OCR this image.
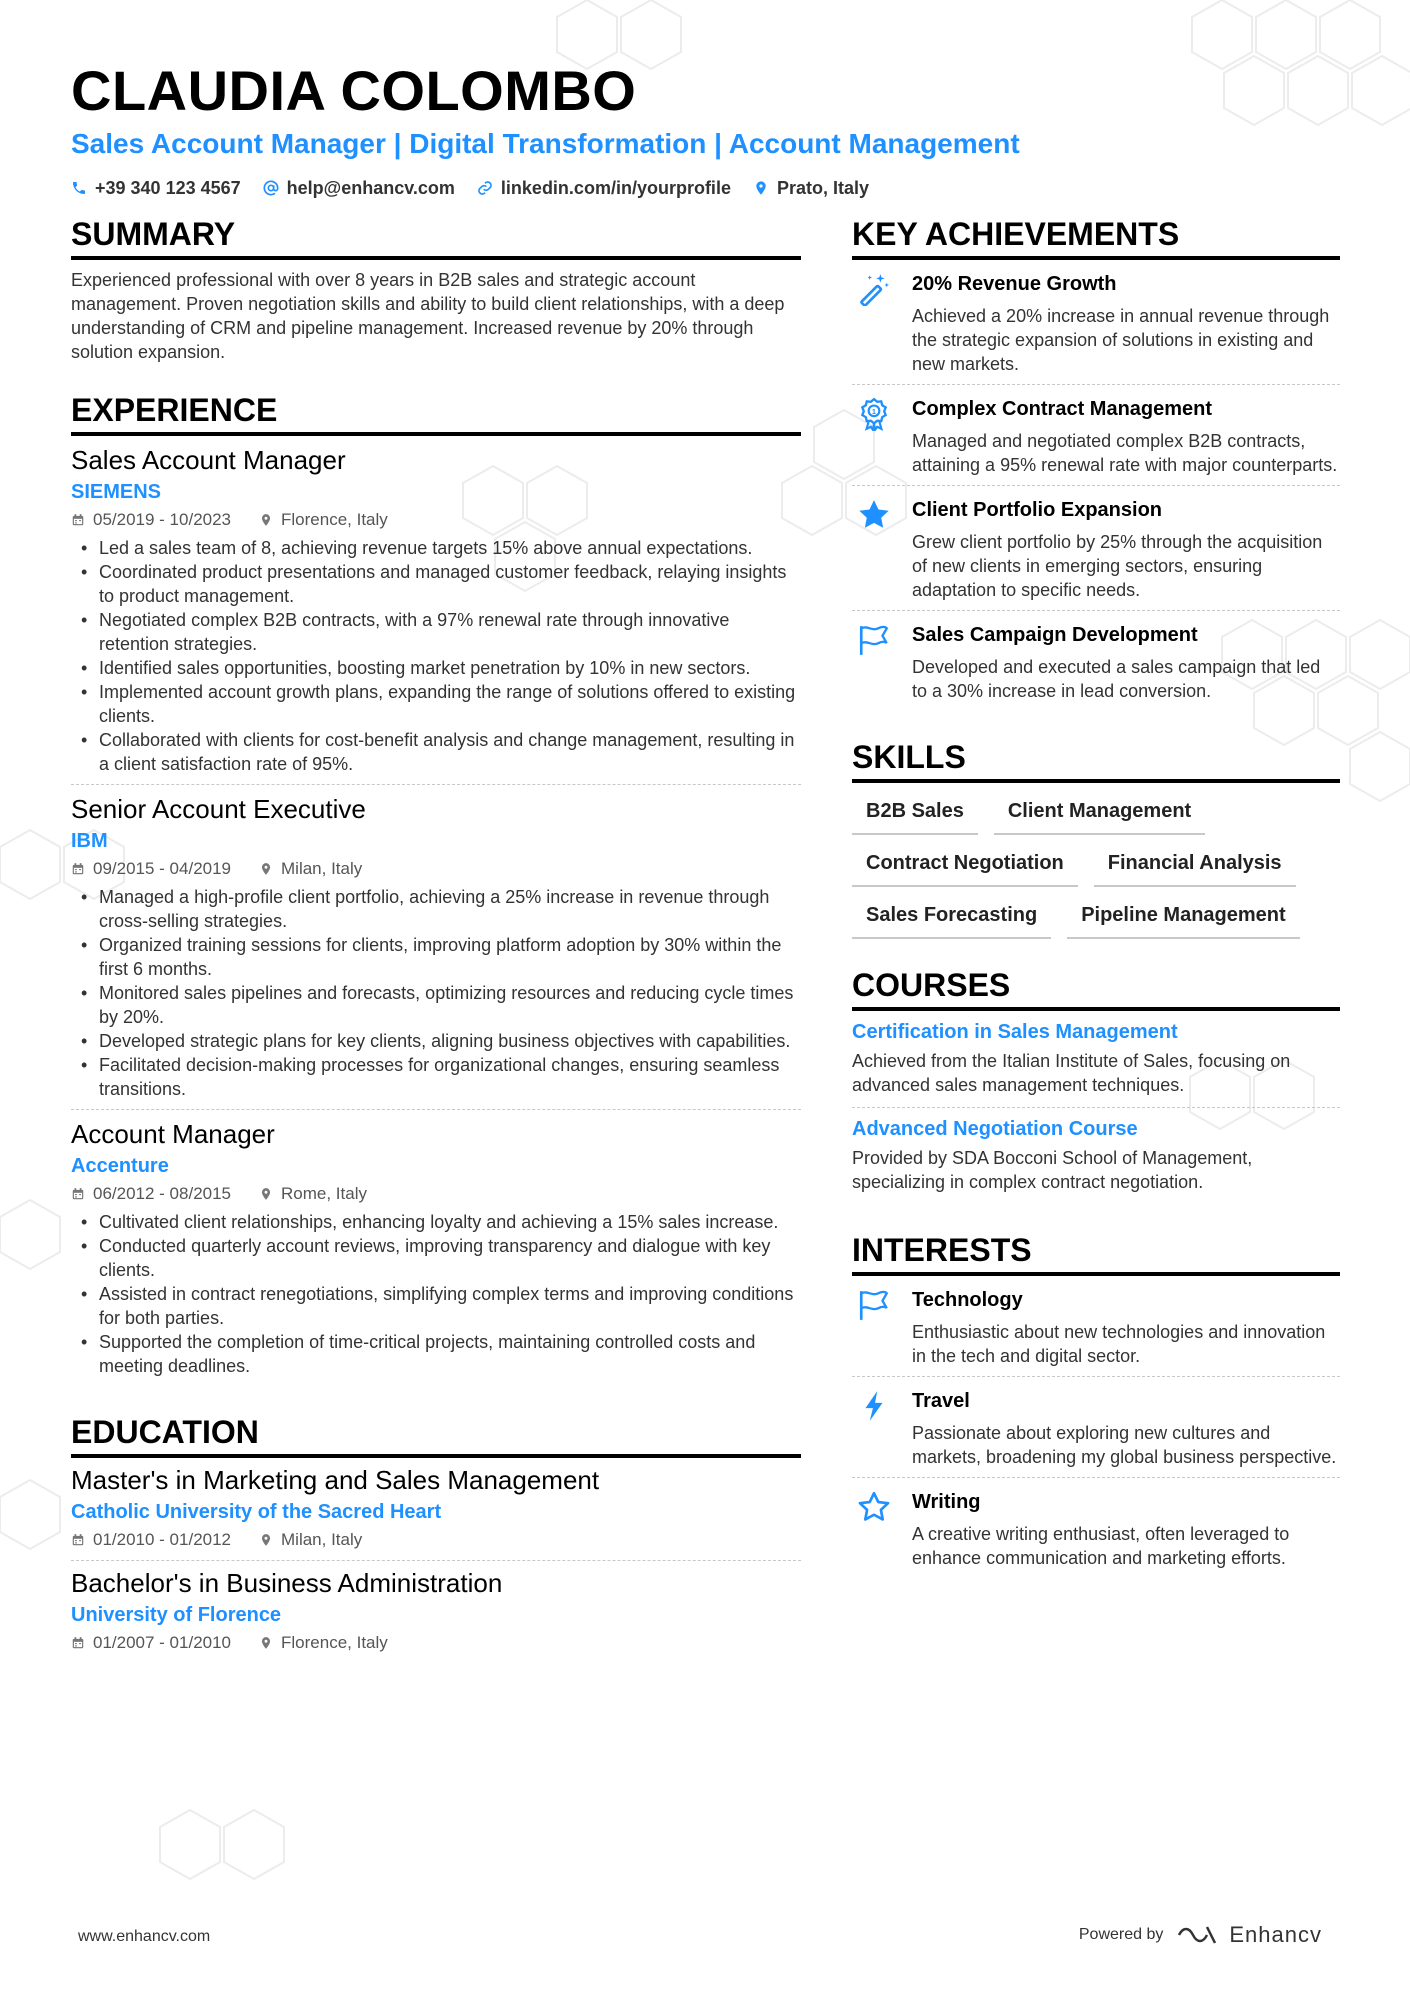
CLAUDIA COLOMBO
Sales Account Manager | Digital Transformation | Account Management
+39 340 123 4567	help@enhancv.com	linkedin.com/in/yourprofile	Prato, Italy
SUMMARY
Experienced professional with over 8 years in B2B sales and strategic account management. Proven negotiation skills and ability to build client relationships, with a deep understanding of CRM and pipeline management. Increased revenue by 20% through solution expansion.
EXPERIENCE
Sales Account Manager
SIEMENS
05/2019 - 10/2023	Florence, Italy
• Led a sales team of 8, achieving revenue targets 15% above annual expectations.
• Coordinated product presentations and managed customer feedback, relaying insights to product management.
• Negotiated complex B2B contracts, with a 97% renewal rate through innovative retention strategies.
• Identified sales opportunities, boosting market penetration by 10% in new sectors.
• Implemented account growth plans, expanding the range of solutions offered to existing clients.
• Collaborated with clients for cost-benefit analysis and change management, resulting in a client satisfaction rate of 95%.
Senior Account Executive
IBM
09/2015 - 04/2019	Milan, Italy
• Managed a high-profile client portfolio, achieving a 25% increase in revenue through cross-selling strategies.
• Organized training sessions for clients, improving platform adoption by 30% within the first 6 months.
• Monitored sales pipelines and forecasts, optimizing resources and reducing cycle times by 20%.
• Developed strategic plans for key clients, aligning business objectives with capabilities.
• Facilitated decision-making processes for organizational changes, ensuring seamless transitions.
Account Manager
Accenture
06/2012 - 08/2015	Rome, Italy
• Cultivated client relationships, enhancing loyalty and achieving a 15% sales increase.
• Conducted quarterly account reviews, improving transparency and dialogue with key clients.
• Assisted in contract renegotiations, simplifying complex terms and improving conditions for both parties.
• Supported the completion of time-critical projects, maintaining controlled costs and meeting deadlines.
EDUCATION
Master's in Marketing and Sales Management
Catholic University of the Sacred Heart
01/2010 - 01/2012	Milan, Italy
Bachelor's in Business Administration
University of Florence
01/2007 - 01/2010	Florence, Italy
KEY ACHIEVEMENTS
20% Revenue Growth
Achieved a 20% increase in annual revenue through the strategic expansion of solutions in existing and new markets.
1 Complex Contract Management
Managed and negotiated complex B2B contracts, attaining a 95% renewal rate with major counterparts.
Client Portfolio Expansion
Grew client portfolio by 25% through the acquisition of new clients in emerging sectors, ensuring adaptation to specific needs.
Sales Campaign Development
Developed and executed a sales campaign that led to a 30% increase in lead conversion.
SKILLS
B2B Sales	Client Management
Contract Negotiation	Financial Analysis
Sales Forecasting	Pipeline Management
COURSES
Certification in Sales Management
Achieved from the Italian Institute of Sales, focusing on advanced sales management techniques.
Advanced Negotiation Course
Provided by SDA Bocconi School of Management, specializing in complex contract negotiation.
INTERESTS
Technology
Enthusiastic about new technologies and innovation in the tech and digital sector.
Travel
Passionate about exploring new cultures and markets, broadening my global business perspective.
Writing
A creative writing enthusiast, often leveraged to enhance communication and marketing efforts.
www.enhancv.com	Powered by	Enhancv
